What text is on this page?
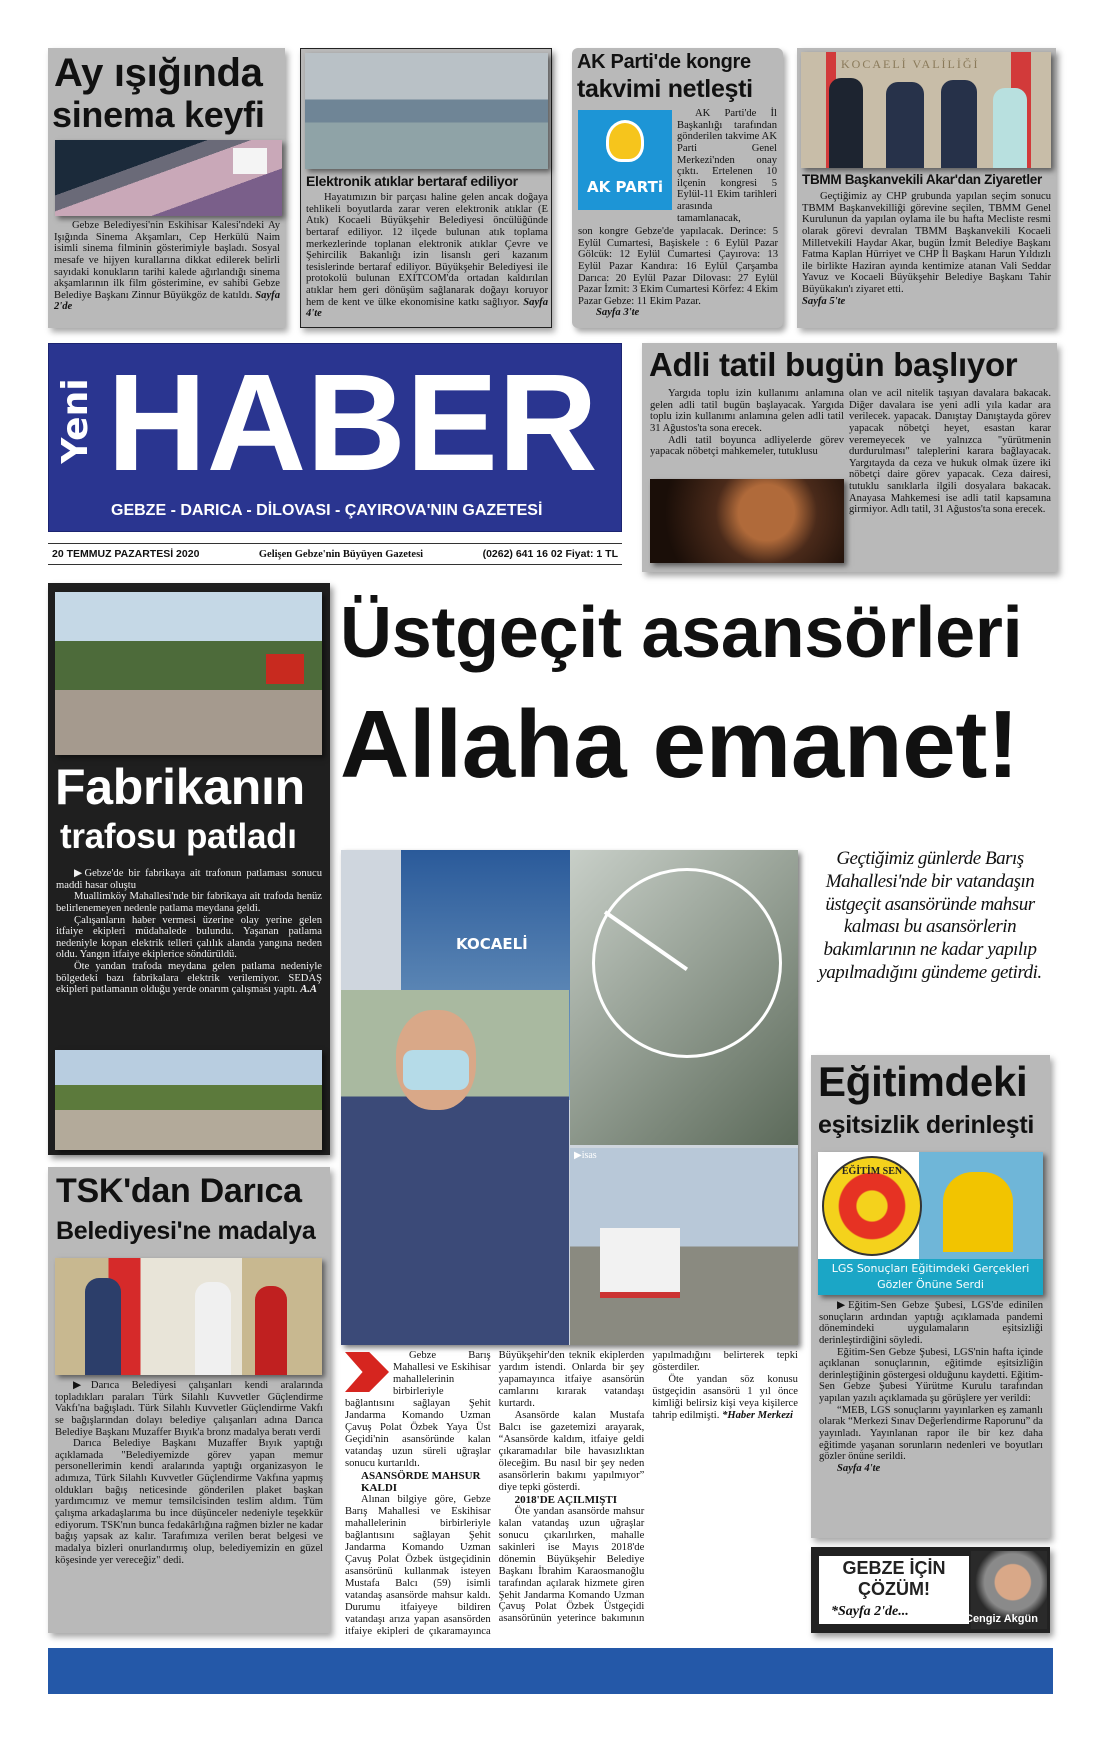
Ay ışığında
sinema keyfi

Gebze Belediyesi'nin Eskihisar Kalesi'ndeki Ay Işığında Sinema Akşamları, Cep Herkülü Naim isimli sinema filminin gösterimiyle başladı. Sosyal mesafe ve hijyen kurallarına dikkat edilerek belirli sayıdaki konukların tarihi kalede ağırlandığı sinema akşamlarının ilk film gösterimine, ev sahibi Gebze Belediye Başkanı Zinnur Büyükgöz de katıldı. Sayfa 2'de

Elektronik atıklar bertaraf ediliyor

Hayatımızın bir parçası haline gelen ancak doğaya tehlikeli boyutlarda zarar veren elektronik atıklar (E Atık) Kocaeli Büyükşehir Belediyesi öncülüğünde bertaraf ediliyor. 12 ilçede bulunan atık toplama merkezlerinde toplanan elektronik atıklar Çevre ve Şehircilik Bakanlığı izin lisanslı geri kazanım tesislerinde bertaraf ediliyor. Büyükşehir Belediyesi ile protokolü bulunan EXITCOM'da ortadan kaldırılan atıklar hem geri dönüşüm sağlanarak doğayı koruyor hem de kent ve ülke ekonomisine katkı sağlıyor. Sayfa 4'te

AK Parti'de kongre
takvimi netleşti
AK PARTi

AK Parti'de İl Başkanlığı tarafından gönderilen takvime AK Parti Genel Merkezi'nden onay çıktı. Ertelenen 10 ilçenin kongresi 5 Eylül-11 Ekim tarihleri arasında tamamlanacak,

son kongre Gebze'de yapılacak. Derince: 5 Eylül Cumartesi, Başiskele : 6 Eylül Pazar Gölcük: 12 Eylül Cumartesi Çayırova: 13 Eylül Pazar Kandıra: 16 Eylül Çarşamba Darıca: 20 Eylül Pazar Dilovası: 27 Eylül Pazar İzmit: 3 Ekim Cumartesi Körfez: 4 Ekim Pazar Gebze: 11 Ekim Pazar.
Sayfa 3'te
KOCAELİ VALİLİĞİ
TBMM Başkanvekili Akar'dan Ziyaretler

Geçtiğimiz ay CHP grubunda yapılan seçim sonucu TBMM Başkanvekilliği görevine seçilen, TBMM Genel Kurulunun da yapılan oylama ile bu hafta Mecliste resmi olarak görevi devralan TBMM Başkanvekili Kocaeli Milletvekili Haydar Akar, bugün İzmit Belediye Başkanı Fatma Kaplan Hürriyet ve CHP İl Başkanı Harun Yıldızlı ile birlikte Haziran ayında kentimize atanan Vali Seddar Yavuz ve Kocaeli Büyükşehir Belediye Başkanı Tahir Büyükakın'ı ziyaret etti.

Sayfa 5'te
Yeni HABER
GEBZE - DARICA - DİLOVASI - ÇAYIROVA'NIN GAZETESİ
20 TEMMUZ PAZARTESİ 2020	Gelişen Gebze'nin Büyüyen Gazetesi	(0262) 641 16 02 Fiyat: 1 TL
Adli tatil bugün başlıyor

Yargıda toplu izin kullanımı anlamına gelen adli tatil bugün başlayacak. Yargıda toplu izin kullanımı anlamına gelen adli tatil 31 Ağustos'ta sona erecek.

Adli tatil boyunca adliyelerde görev yapacak nöbetçi mahkemeler, tutuklusu

olan ve acil nitelik taşıyan davalara bakacak. Diğer davalara ise yeni adli yıla kadar ara verilecek. yapacak. Danıştay Danıştayda görev yapacak nöbetçi heyet, esastan karar veremeyecek ve yalnızca "yürütmenin durdurulması" taleplerini karara bağlayacak. Yargıtayda da ceza ve hukuk olmak üzere iki nöbetçi daire görev yapacak. Ceza dairesi, tutuklu sanıklarla ilgili dosyalara bakacak. Anayasa Mahkemesi ise adli tatil kapsamına girmiyor. Adlı tatil, 31 Ağustos'ta sona erecek.
Fabrikanın
trafosu patladı

▶Gebze'de bir fabrikaya ait trafonun patlaması sonucu maddi hasar oluştu

Muallimköy Mahallesi'nde bir fabrikaya ait trafoda henüz belirlenemeyen nedenle patlama meydana geldi.

Çalışanların haber vermesi üzerine olay yerine gelen itfaiye ekipleri müdahalede bulundu. Yaşanan patlama nedeniyle kopan elektrik telleri çalılık alanda yangına neden oldu. Yangın itfaiye ekiplerice söndürüldü.

Öte yandan trafoda meydana gelen patlama nedeniyle bölgedeki bazı fabrikalara elektrik verilemiyor. SEDAŞ ekipleri patlamanın olduğu yerde onarım çalışması yaptı. A.A

Üstgeçit asansörleri
Allaha emanet!
KOCAELİ
▶isas
Geçtiğimiz günlerde Barış Mahallesi'nde bir vatandaşın üstgeçit asansöründe mahsur kalması bu asansörlerin bakımlarının ne kadar yapılıp yapılmadığını gündeme getirdi.

Gebze Barış Mahallesi ve Eskihisar mahallelerinin birbirleriyle bağlantısını sağlayan Şehit Jandarma Komando Uzman Çavuş Polat Özbek Yaya Üst Geçidi'nin asansöründe kalan vatandaş uzun süreli uğraşlar sonucu kurtarıldı.

ASANSÖRDE MAHSUR KALDI

Alınan bilgiye göre, Gebze Barış Mahallesi ve Eskihisar mahallelerinin birbirleriyle bağlantısını sağlayan Şehit Jandarma Komando Uzman Çavuş Polat Özbek üstgeçidinin asansörünü kullanmak isteyen Mustafa Balcı (59) isimli vatandaş asansörde mahsur kaldı. Durumu itfaiyeye bildiren vatandaşı arıza yapan asansörden itfaiye ekipleri de çıkaramayınca Büyükşehir'den teknik ekiplerden yardım istendi. Onlarda bir şey yapamayınca itfaiye asansörün camlarını kırarak vatandaşı kurtardı.

Asansörde kalan Mustafa Balcı ise gazetemizi arayarak, “Asansörde kaldım, itfaiye geldi çıkaramadılar bile havasızlıktan öleceğim. Bu nasıl bir şey neden asansörlerin bakımı yapılmıyor” diye tepki gösterdi.

2018'DE AÇILMIŞTI

Öte yandan asansörde mahsur kalan vatandaş uzun uğraşlar sonucu çıkarılırken, mahalle sakinleri ise Mayıs 2018'de dönemin Büyükşehir Belediye Başkanı İbrahim Karaosmanoğlu tarafından açılarak hizmete giren Şehit Jandarma Komando Uzman Çavuş Polat Özbek Üstgeçidi asansörünün yeterince bakımının yapılmadığını belirterek tepki gösterdiler.

Öte yandan söz konusu üstgeçidin asansörü 1 yıl önce kimliği belirsiz kişi veya kişilerce tahrip edilmişti. *Haber Merkezi

TSK'dan Darıca
Belediyesi'ne madalya

▶Darıca Belediyesi çalışanları kendi aralarında topladıkları paraları Türk Silahlı Kuvvetler Güçlendirme Vakfı'na bağışladı. Türk Silahlı Kuvvetler Güçlendirme Vakfı se bağışlarından dolayı belediye çalışanları adına Darıca Belediye Başkanı Muzaffer Bıyık'a bronz madalya beratı verdi

Darıca Belediye Başkanı Muzaffer Bıyık yaptığı açıklamada "Belediyemizde görev yapan memur personellerimin kendi aralarında yaptığı organizasyon le adımıza, Türk Silahlı Kuvvetler Güçlendirme Vakfına yapmış oldukları bağış neticesinde gönderilen plaket başkan yardımcımız ve memur temsilcisinden teslim aldım. Tüm çalışma arkadaşlarıma bu ince düşünceler nedeniyle teşekkür ediyorum. TSK'nın bunca fedakârlığına rağmen bizler ne kadar bağış yapsak az kalır. Tarafımıza verilen berat belgesi ve madalya bizleri onurlandırmış olup, belediyemizin en güzel köşesinde yer vereceğiz" dedi.

Eğitimdeki
eşitsizlik derinleşti
EĞİTİM SEN
LGS Sonuçları Eğitimdeki Gerçekleri
Gözler Önüne Serdi

▶Eğitim-Sen Gebze Şubesi, LGS'de edinilen sonuçların ardından yaptığı açıklamada pandemi dönemindeki uygulamaların eşitsizliği derinleştirdiğini söyledi.

Eğitim-Sen Gebze Şubesi, LGS'nin hafta içinde açıklanan sonuçlarının, eğitimde eşitsizliğin derinleştiğinin göstergesi olduğunu kaydetti. Eğitim-Sen Gebze Şubesi Yürütme Kurulu tarafından yapılan yazılı açıklamada şu görüşlere yer verildi:

“MEB, LGS sonuçlarını yayınlarken eş zamanlı olarak “Merkezi Sınav Değerlendirme Raporunu” da yayınladı. Yayınlanan rapor ile bir kez daha eğitimde yaşanan sorunların nedenleri ve boyutları gözler önüne serildi.

Sayfa 4'te

GEBZE İÇİN
ÇÖZÜM!
*Sayfa 2'de...	Cengiz Akgün
